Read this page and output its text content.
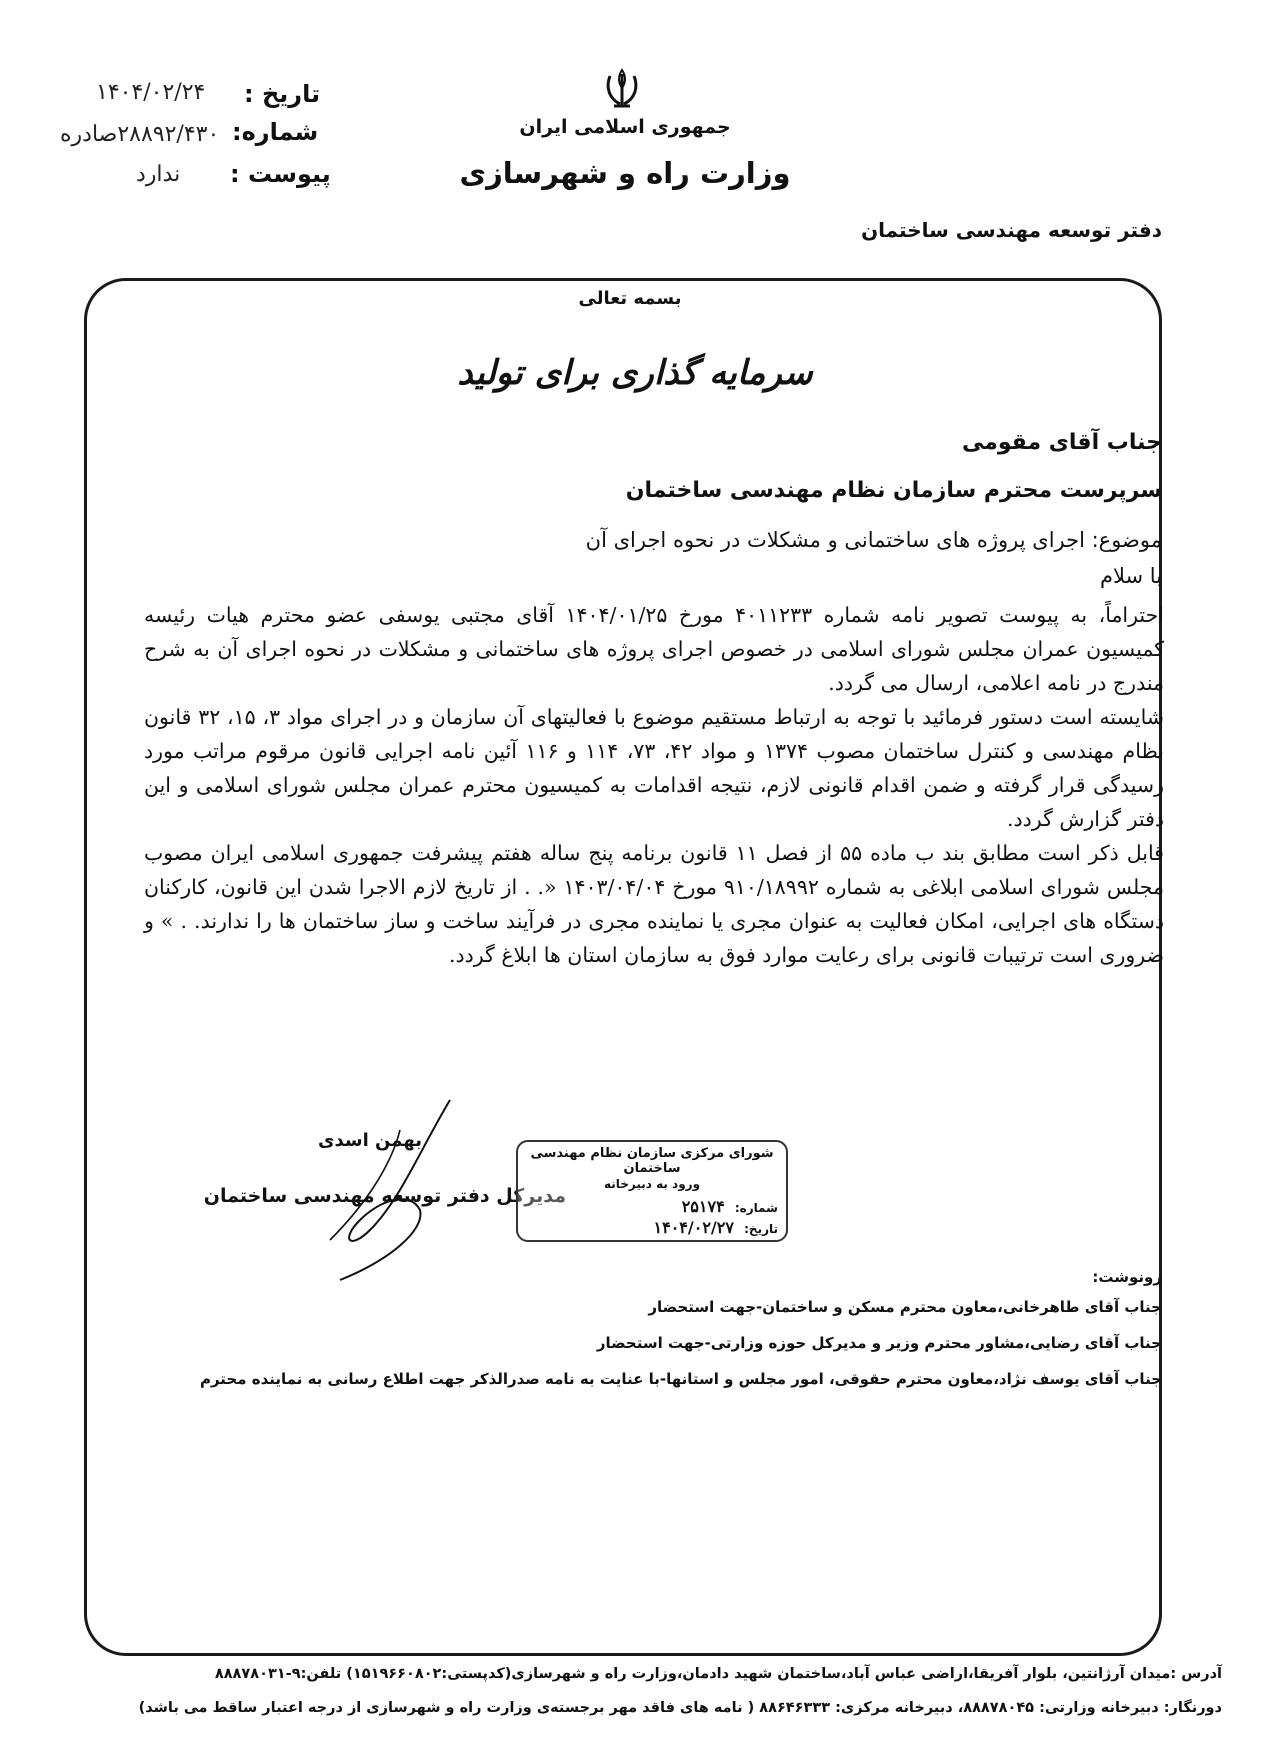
تاریخ :
۱۴۰۴/۰۲/۲۴
شماره:
۲۸۸۹۲/۴۳۰صادره
پیوست :
ندارد
جمهوری اسلامی ایران
وزارت راه و شهرسازی
دفتر توسعه مهندسی ساختمان
بسمه تعالی
سرمایه گذاری برای تولید
جناب آقای مقومی
سرپرست محترم سازمان نظام مهندسی ساختمان
موضوع: اجرای پروژه های ساختمانی و مشکلات در نحوه اجرای آن
با سلام

احتراماً، به پیوست تصویر نامه شماره ۴۰۱۱۲۳۳ مورخ ۱۴۰۴/۰۱/۲۵ آقای مجتبی یوسفی عضو محترم هیات رئیسه کمیسیون عمران مجلس شورای اسلامی در خصوص اجرای پروژه های ساختمانی و مشکلات در نحوه اجرای آن به شرح مندرج در نامه اعلامی، ارسال می گردد.

شایسته است دستور فرمائید با توجه به ارتباط مستقیم موضوع با فعالیتهای آن سازمان و در اجرای مواد ۳، ۱۵، ۳۲ قانون نظام مهندسی و کنترل ساختمان مصوب ۱۳۷۴ و مواد ۴۲، ۷۳، ۱۱۴ و ۱۱۶ آئین نامه اجرایی قانون مرقوم مراتب مورد رسیدگی قرار گرفته و ضمن اقدام قانونی لازم، نتیجه اقدامات به کمیسیون محترم عمران مجلس شورای اسلامی و این دفتر گزارش گردد.

قابل ذکر است مطابق بند ب ماده ۵۵ از فصل ۱۱ قانون برنامه پنج ساله هفتم پیشرفت جمهوری اسلامی ایران مصوب مجلس شورای اسلامی ابلاغی به شماره ۹۱۰/۱۸۹۹۲ مورخ ۱۴۰۳/۰۴/۰۴ «. . از تاریخ لازم الاجرا شدن این قانون، کارکنان دستگاه های اجرایی، امکان فعالیت به عنوان مجری یا نماینده مجری در فرآیند ساخت و ساز ساختمان ها را ندارند. . » و ضروری است ترتیبات قانونی برای رعایت موارد فوق به سازمان استان ها ابلاغ گردد.

بهمن اسدی
مدیرکل دفتر توسعه مهندسی ساختمان
شورای مرکزی سازمان نظام مهندسی ساختمان
ورود به دبیرخانه
شماره: ۲۵۱۷۴
تاریخ: ۱۴۰۴/۰۲/۲۷
رونوشت:
جناب آقای طاهرخانی،معاون محترم مسکن و ساختمان-جهت استحضار
جناب آقای رضایی،مشاور محترم وزیر و مدیرکل حوزه وزارتی-جهت استحضار
جناب آقای یوسف نژاد،معاون محترم حقوقی، امور مجلس و استانها-با عنایت به نامه صدرالذکر جهت اطلاع رسانی به نماینده محترم
آدرس :میدان آرژانتین، بلوار آفریقا،اراضی عباس آباد،ساختمان شهید دادمان،وزارت راه و شهرسازی(کدپستی:۱۵۱۹۶۶۰۸۰۲) تلفن:۹-۸۸۸۷۸۰۳۱
دورنگار: دبیرخانه وزارتی: ۸۸۸۷۸۰۴۵، دبیرخانه مرکزی: ۸۸۶۴۶۳۳۳ ( نامه های فاقد مهر برجسته‌ی وزارت راه و شهرسازی از درجه اعتبار ساقط می باشد)
